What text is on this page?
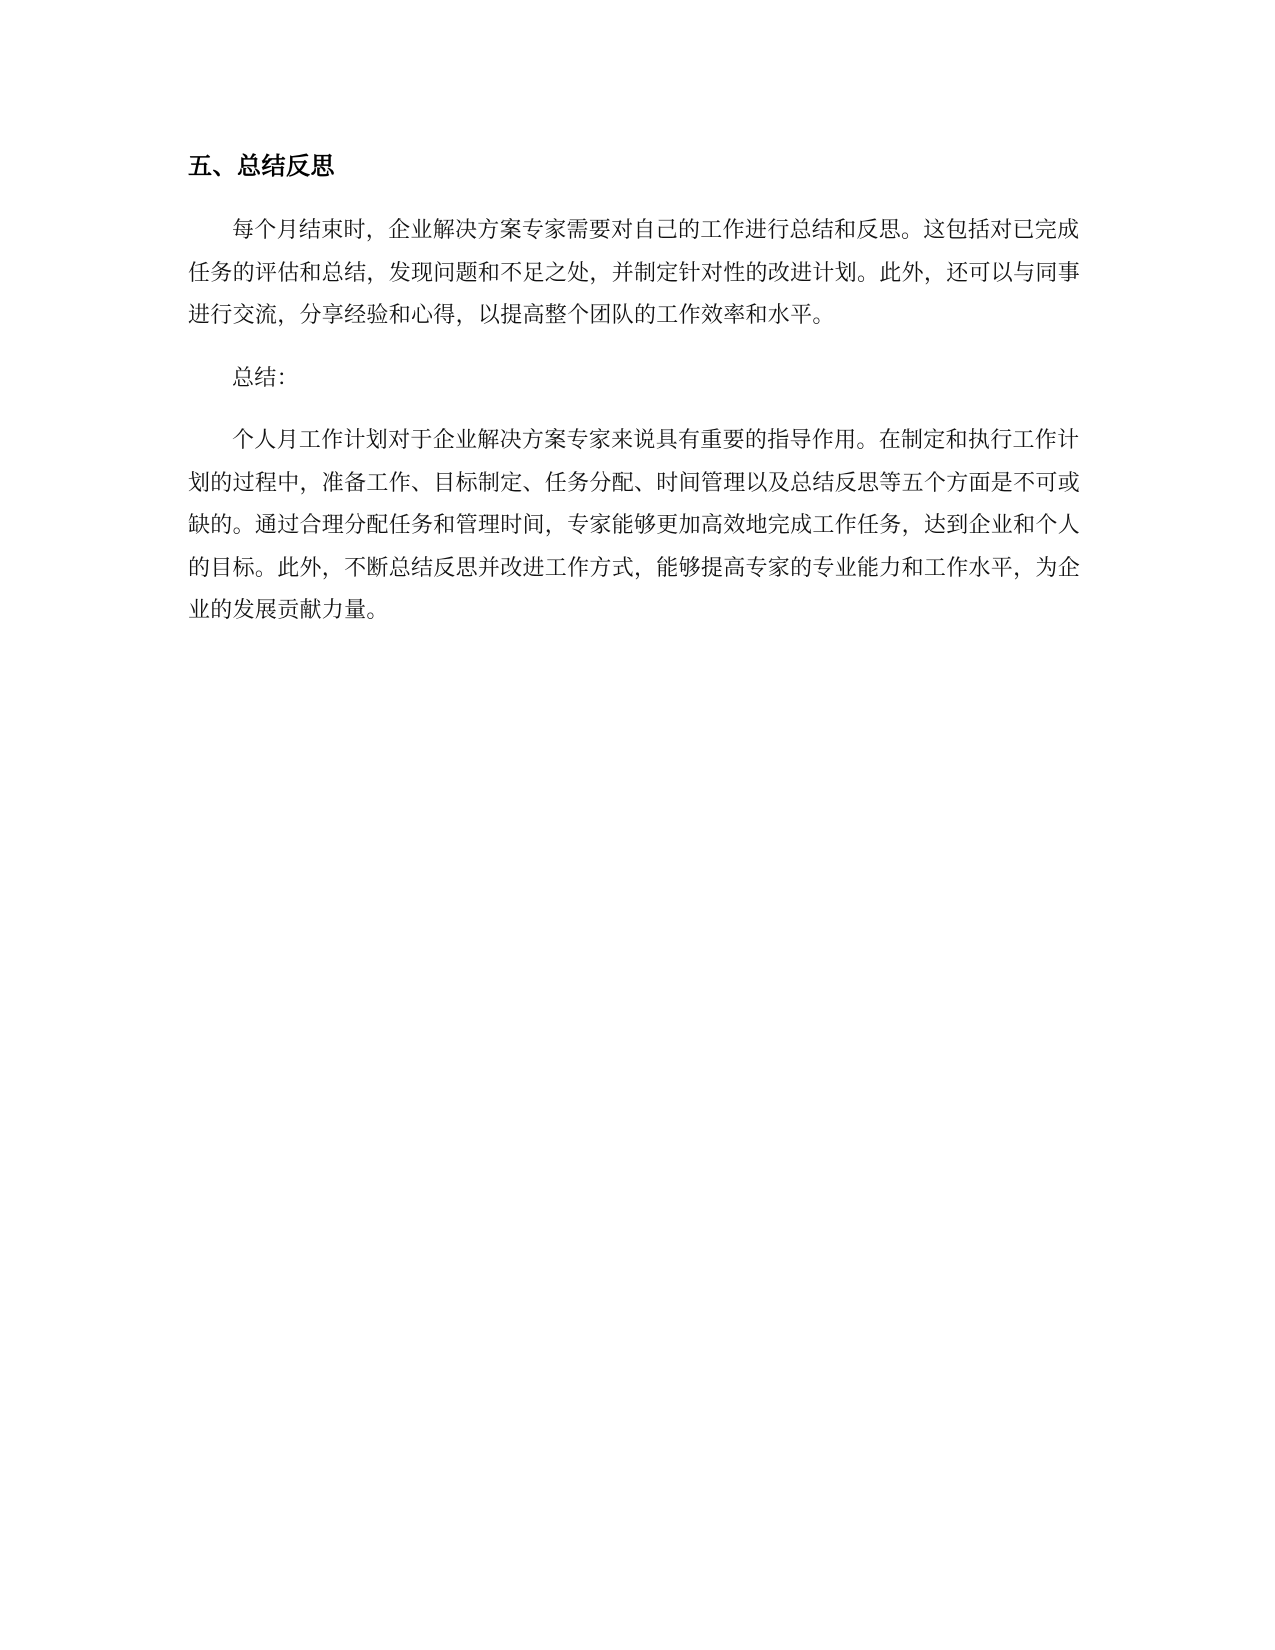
五、总结反思

每个月结束时，企业解决方案专家需要对自己的工作进行总结和反思。这包括对已完成任务的评估和总结，发现问题和不足之处，并制定针对性的改进计划。此外，还可以与同事进行交流，分享经验和心得，以提高整个团队的工作效率和水平。

总结：

个人月工作计划对于企业解决方案专家来说具有重要的指导作用。在制定和执行工作计划的过程中，准备工作、目标制定、任务分配、时间管理以及总结反思等五个方面是不可或缺的。通过合理分配任务和管理时间，专家能够更加高效地完成工作任务，达到企业和个人的目标。此外，不断总结反思并改进工作方式，能够提高专家的专业能力和工作水平，为企业的发展贡献力量。
